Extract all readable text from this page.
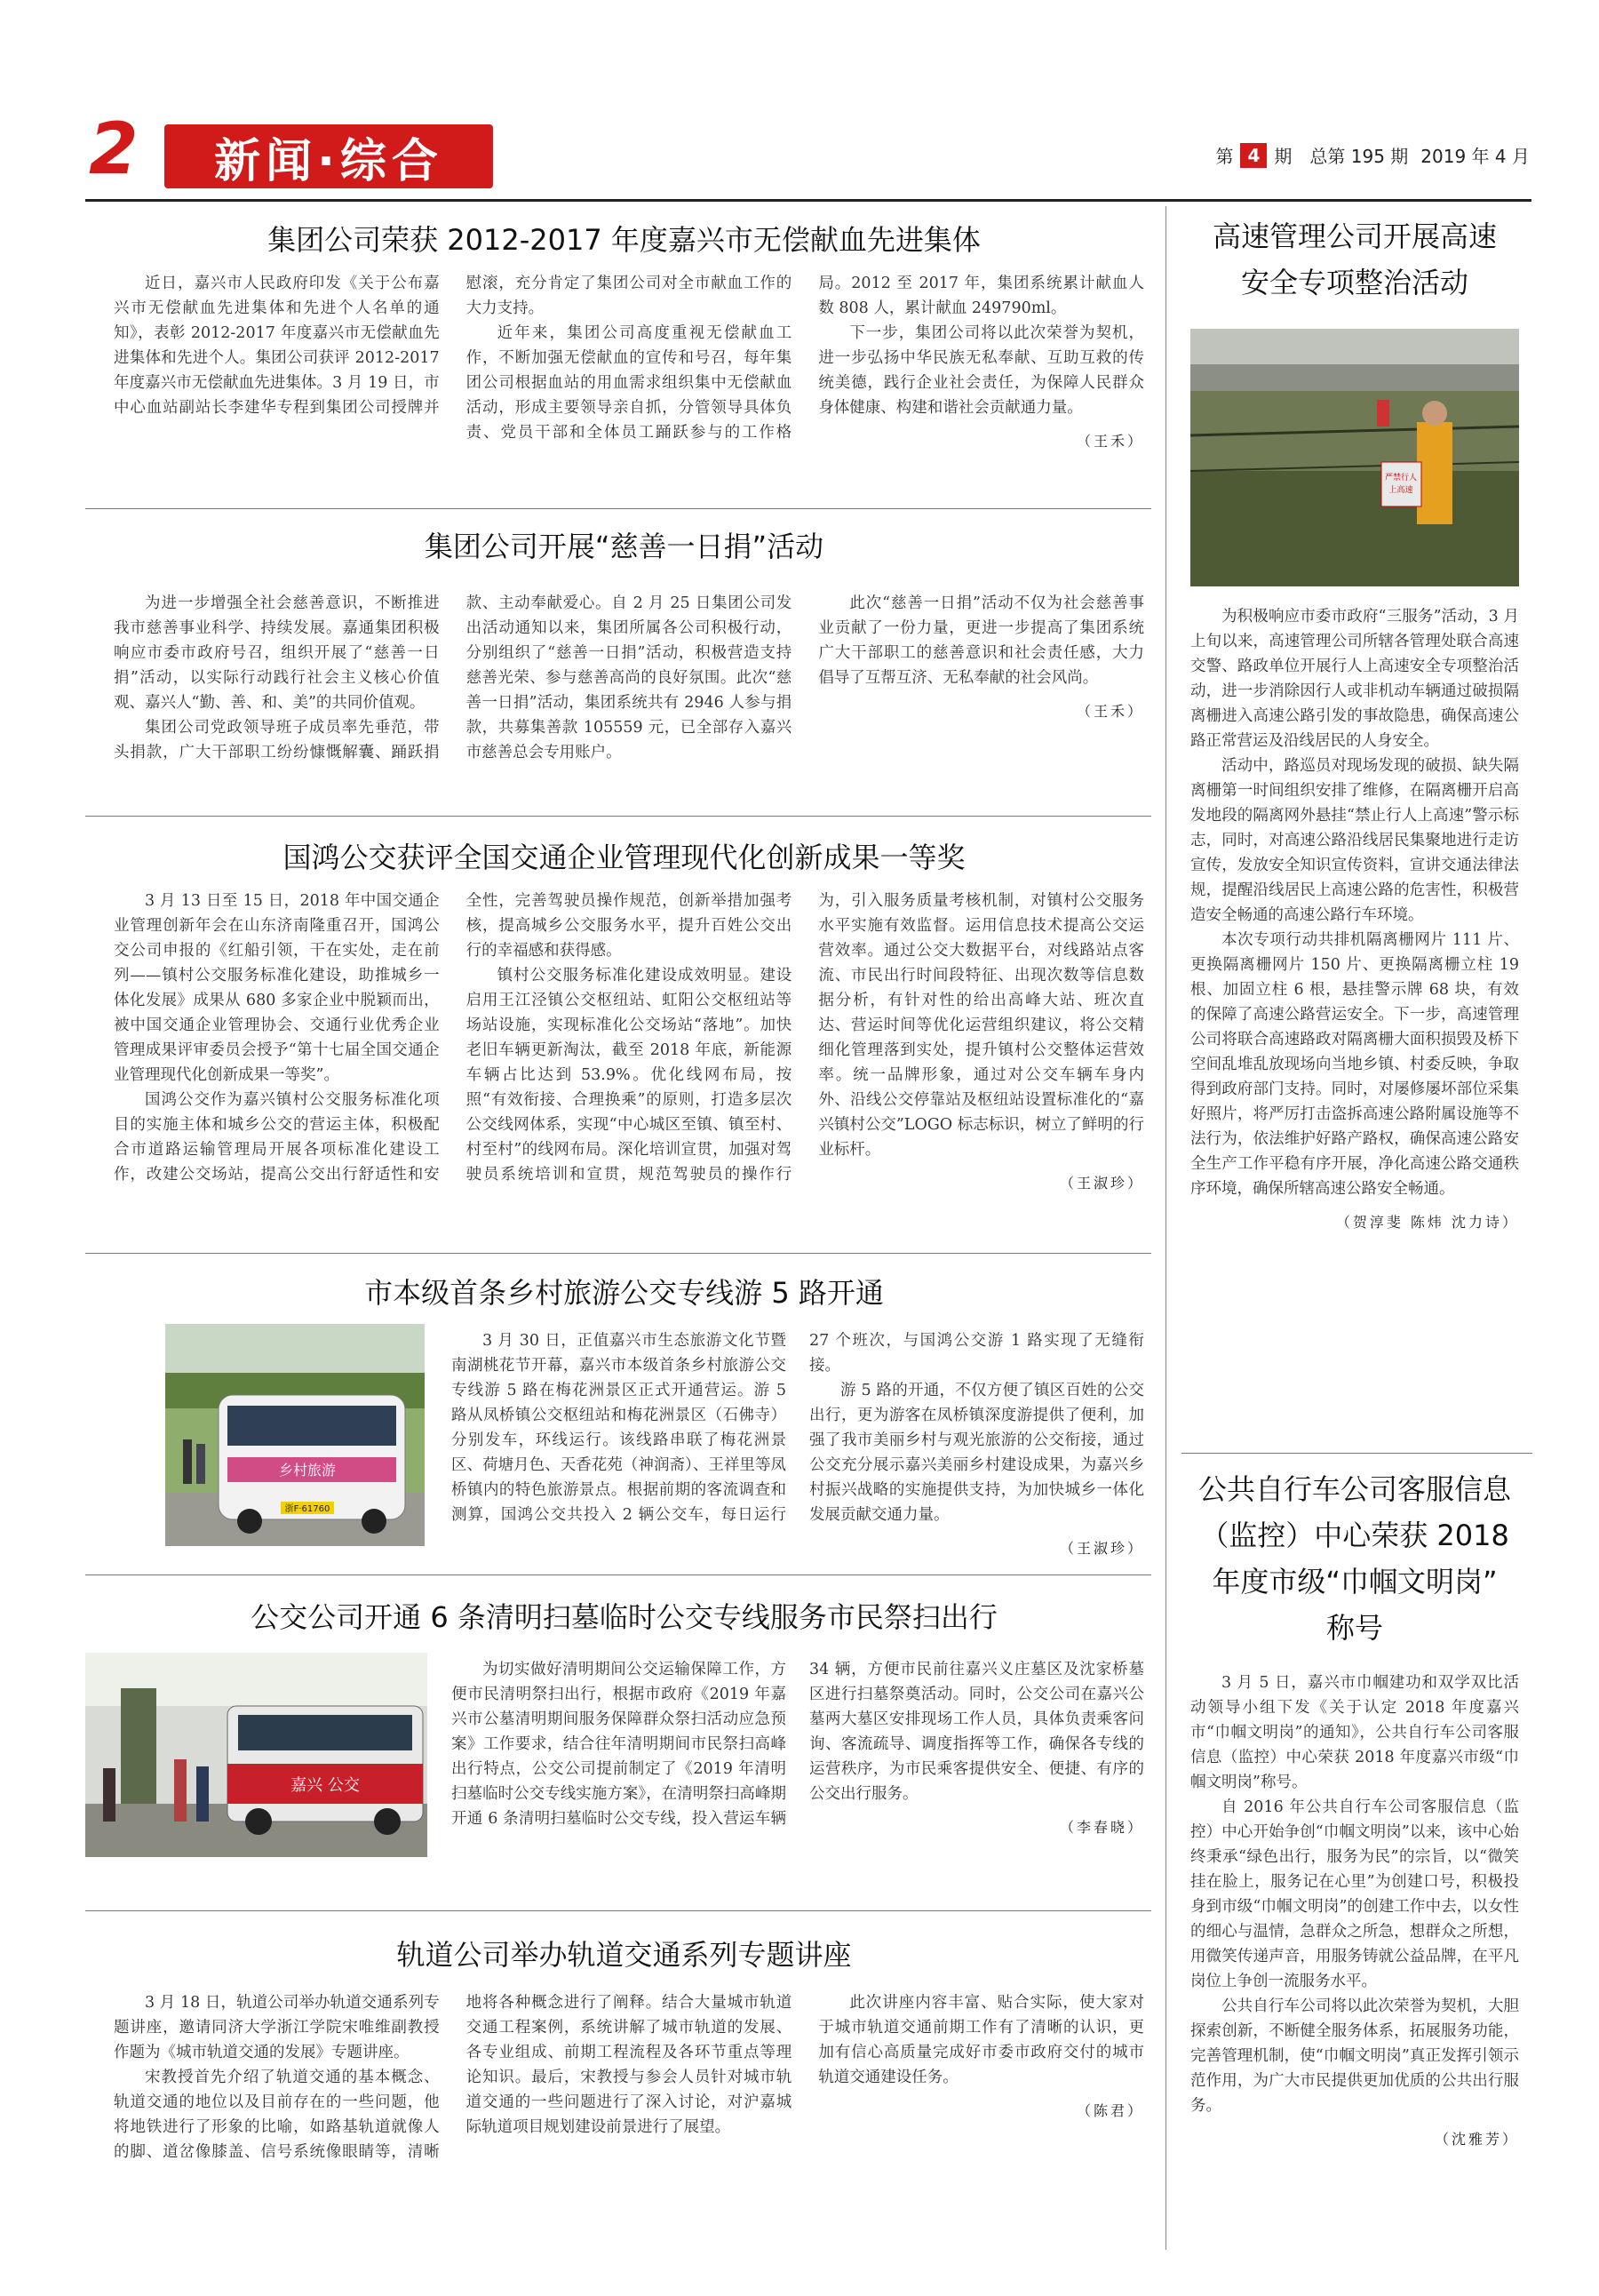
2 新闻·综合	第 4 期 总第 195 期 2019 年 4 月
集团公司荣获 2012-2017 年度嘉兴市无偿献血先进集体

近日，嘉兴市人民政府印发《关于公布嘉兴市无偿献血先进集体和先进个人名单的通知》，表彰 2012-2017 年度嘉兴市无偿献血先进集体和先进个人。集团公司获评 2012-2017 年度嘉兴市无偿献血先进集体。3 月 19 日，市中心血站副站长李建华专程到集团公司授牌并慰滚，充分肯定了集团公司对全市献血工作的大力支持。

近年来，集团公司高度重视无偿献血工作，不断加强无偿献血的宣传和号召，每年集团公司根据血站的用血需求组织集中无偿献血活动，形成主要领导亲自抓，分管领导具体负责、党员干部和全体员工踊跃参与的工作格局。2012 至 2017 年，集团系统累计献血人数 808 人，累计献血 249790ml。

下一步，集团公司将以此次荣誉为契机，进一步弘扬中华民族无私奉献、互助互救的传统美德，践行企业社会责任，为保障人民群众身体健康、构建和谐社会贡献通力量。

（王禾）
集团公司开展“慈善一日捐”活动

为进一步增强全社会慈善意识，不断推进我市慈善事业科学、持续发展。嘉通集团积极响应市委市政府号召，组织开展了“慈善一日捐”活动，以实际行动践行社会主义核心价值观、嘉兴人“勤、善、和、美”的共同价值观。

集团公司党政领导班子成员率先垂范，带头捐款，广大干部职工纷纷慷慨解囊、踊跃捐款、主动奉献爱心。自 2 月 25 日集团公司发出活动通知以来，集团所属各公司积极行动，分别组织了“慈善一日捐”活动，积极营造支持慈善光荣、参与慈善高尚的良好氛围。此次“慈善一日捐”活动，集团系统共有 2946 人参与捐款，共募集善款 105559 元，已全部存入嘉兴市慈善总会专用账户。

此次“慈善一日捐”活动不仅为社会慈善事业贡献了一份力量，更进一步提高了集团系统广大干部职工的慈善意识和社会责任感，大力倡导了互帮互济、无私奉献的社会风尚。

（王禾）
国鸿公交获评全国交通企业管理现代化创新成果一等奖

3 月 13 日至 15 日，2018 年中国交通企业管理创新年会在山东济南隆重召开，国鸿公交公司申报的《红船引领，干在实处，走在前列——镇村公交服务标准化建设，助推城乡一体化发展》成果从 680 多家企业中脱颖而出，被中国交通企业管理协会、交通行业优秀企业管理成果评审委员会授予“第十七届全国交通企业管理现代化创新成果一等奖”。

国鸿公交作为嘉兴镇村公交服务标准化项目的实施主体和城乡公交的营运主体，积极配合市道路运输管理局开展各项标准化建设工作，改建公交场站，提高公交出行舒适性和安全性，完善驾驶员操作规范，创新举措加强考核，提高城乡公交服务水平，提升百姓公交出行的幸福感和获得感。

镇村公交服务标准化建设成效明显。建设启用王江泾镇公交枢纽站、虹阳公交枢纽站等场站设施，实现标准化公交场站“落地”。加快老旧车辆更新淘汰，截至 2018 年底，新能源车辆占比达到 53.9%。优化线网布局，按照“有效衔接、合理换乘”的原则，打造多层次公交线网体系，实现“中心城区至镇、镇至村、村至村”的线网布局。深化培训宣贯，加强对驾驶员系统培训和宣贯，规范驾驶员的操作行为，引入服务质量考核机制，对镇村公交服务水平实施有效监督。运用信息技术提高公交运营效率。通过公交大数据平台，对线路站点客流、市民出行时间段特征、出现次数等信息数据分析，有针对性的给出高峰大站、班次直达、营运时间等优化运营组织建议，将公交精细化管理落到实处，提升镇村公交整体运营效率。统一品牌形象，通过对公交车辆车身内外、沿线公交停靠站及枢纽站设置标准化的“嘉兴镇村公交”LOGO 标志标识，树立了鲜明的行业标杆。

（王淑珍）
市本级首条乡村旅游公交专线游 5 路开通
乡村旅游
浙F·61760

3 月 30 日，正值嘉兴市生态旅游文化节暨南湖桃花节开幕，嘉兴市本级首条乡村旅游公交专线游 5 路在梅花洲景区正式开通营运。游 5 路从凤桥镇公交枢纽站和梅花洲景区（石佛寺）分别发车，环线运行。该线路串联了梅花洲景区、荷塘月色、天香花苑（神润斋）、王祥里等凤桥镇内的特色旅游景点。根据前期的客流调查和测算，国鸿公交共投入 2 辆公交车，每日运行 27 个班次，与国鸿公交游 1 路实现了无缝衔接。

游 5 路的开通，不仅方便了镇区百姓的公交出行，更为游客在凤桥镇深度游提供了便利，加强了我市美丽乡村与观光旅游的公交衔接，通过公交充分展示嘉兴美丽乡村建设成果，为嘉兴乡村振兴战略的实施提供支持，为加快城乡一体化发展贡献交通力量。

（王淑珍）
公交公司开通 6 条清明扫墓临时公交专线服务市民祭扫出行
嘉兴 公交

为切实做好清明期间公交运输保障工作，方便市民清明祭扫出行，根据市政府《2019 年嘉兴市公墓清明期间服务保障群众祭扫活动应急预案》工作要求，结合往年清明期间市民祭扫高峰出行特点，公交公司提前制定了《2019 年清明扫墓临时公交专线实施方案》，在清明祭扫高峰期开通 6 条清明扫墓临时公交专线，投入营运车辆 34 辆，方便市民前往嘉兴义庄墓区及沈家桥墓区进行扫墓祭奠活动。同时，公交公司在嘉兴公墓两大墓区安排现场工作人员，具体负责乘客问询、客流疏导、调度指挥等工作，确保各专线的运营秩序，为市民乘客提供安全、便捷、有序的公交出行服务。

（李春晓）
轨道公司举办轨道交通系列专题讲座

3 月 18 日，轨道公司举办轨道交通系列专题讲座，邀请同济大学浙江学院宋唯维副教授作题为《城市轨道交通的发展》专题讲座。

宋教授首先介绍了轨道交通的基本概念、轨道交通的地位以及目前存在的一些问题，他将地铁进行了形象的比喻，如路基轨道就像人的脚、道岔像膝盖、信号系统像眼睛等，清晰地将各种概念进行了阐释。结合大量城市轨道交通工程案例，系统讲解了城市轨道的发展、各专业组成、前期工程流程及各环节重点等理论知识。最后，宋教授与参会人员针对城市轨道交通的一些问题进行了深入讨论，对沪嘉城际轨道项目规划建设前景进行了展望。

此次讲座内容丰富、贴合实际，使大家对于城市轨道交通前期工作有了清晰的认识，更加有信心高质量完成好市委市政府交付的城市轨道交通建设任务。

（陈君）
高速管理公司开展高速
安全专项整治活动
严禁行人
上高速

为积极响应市委市政府“三服务”活动，3 月上旬以来，高速管理公司所辖各管理处联合高速交警、路政单位开展行人上高速安全专项整治活动，进一步消除因行人或非机动车辆通过破损隔离栅进入高速公路引发的事故隐患，确保高速公路正常营运及沿线居民的人身安全。

活动中，路巡员对现场发现的破损、缺失隔离栅第一时间组织安排了维修，在隔离栅开启高发地段的隔离网外悬挂“禁止行人上高速”警示标志，同时，对高速公路沿线居民集聚地进行走访宣传，发放安全知识宣传资料，宣讲交通法律法规，提醒沿线居民上高速公路的危害性，积极营造安全畅通的高速公路行车环境。

本次专项行动共排机隔离栅网片 111 片、更换隔离栅网片 150 片、更换隔离栅立柱 19 根、加固立柱 6 根，悬挂警示牌 68 块，有效的保障了高速公路营运安全。下一步，高速管理公司将联合高速路政对隔离栅大面积损毁及桥下空间乱堆乱放现场向当地乡镇、村委反映，争取得到政府部门支持。同时，对屡修屡坏部位采集好照片，将严厉打击盗拆高速公路附属设施等不法行为，依法维护好路产路权，确保高速公路安全生产工作平稳有序开展，净化高速公路交通秩序环境，确保所辖高速公路安全畅通。

（贺淳斐 陈炜 沈力诗）
公共自行车公司客服信息
（监控）中心荣获 2018
年度市级“巾帼文明岗”
称号

3 月 5 日，嘉兴市巾帼建功和双学双比活动领导小组下发《关于认定 2018 年度嘉兴市“巾帼文明岗”的通知》，公共自行车公司客服信息（监控）中心荣获 2018 年度嘉兴市级“巾帼文明岗”称号。

自 2016 年公共自行车公司客服信息（监控）中心开始争创“巾帼文明岗”以来，该中心始终秉承“绿色出行，服务为民”的宗旨，以“微笑挂在脸上，服务记在心里”为创建口号，积极投身到市级“巾帼文明岗”的创建工作中去，以女性的细心与温情，急群众之所急，想群众之所想，用微笑传递声音，用服务铸就公益品牌，在平凡岗位上争创一流服务水平。

公共自行车公司将以此次荣誉为契机，大胆探索创新，不断健全服务体系，拓展服务功能，完善管理机制，使“巾帼文明岗”真正发挥引领示范作用，为广大市民提供更加优质的公共出行服务。

（沈雅芳）
